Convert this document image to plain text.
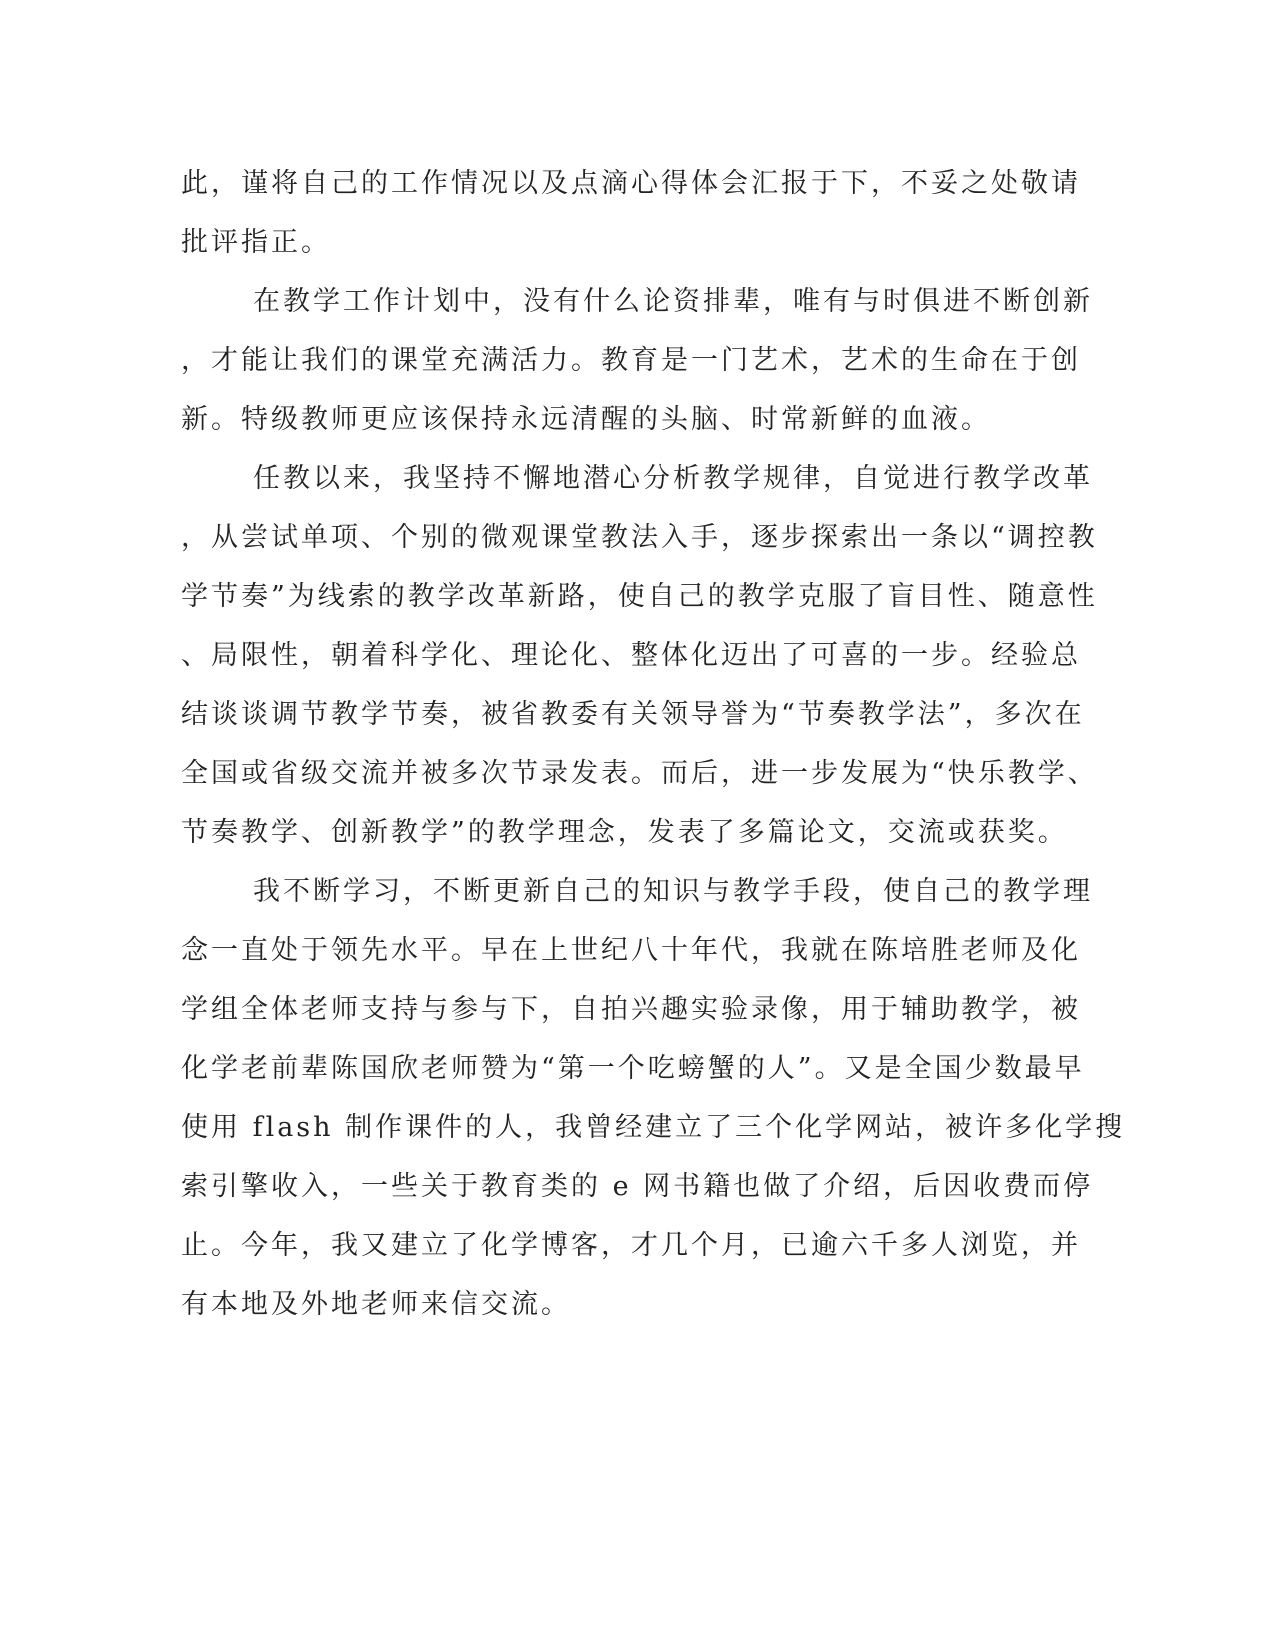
此，谨将自己的工作情况以及点滴心得体会汇报于下，不妥之处敬请
批评指正。
在教学工作计划中，没有什么论资排辈，唯有与时俱进不断创新
，才能让我们的课堂充满活力。教育是一门艺术，艺术的生命在于创
新。特级教师更应该保持永远清醒的头脑、时常新鲜的血液。
任教以来，我坚持不懈地潜心分析教学规律，自觉进行教学改革
，从尝试单项、个别的微观课堂教法入手，逐步探索出一条以“调控教
学节奏”为线索的教学改革新路，使自己的教学克服了盲目性、随意性
、局限性，朝着科学化、理论化、整体化迈出了可喜的一步。经验总
结谈谈调节教学节奏，被省教委有关领导誉为“节奏教学法”，多次在
全国或省级交流并被多次节录发表。而后，进一步发展为“快乐教学、
节奏教学、创新教学”的教学理念，发表了多篇论文，交流或获奖。
我不断学习，不断更新自己的知识与教学手段，使自己的教学理
念一直处于领先水平。早在上世纪八十年代，我就在陈培胜老师及化
学组全体老师支持与参与下，自拍兴趣实验录像，用于辅助教学，被
化学老前辈陈国欣老师赞为“第一个吃螃蟹的人”。又是全国少数最早
使用 flash 制作课件的人，我曾经建立了三个化学网站，被许多化学搜
索引擎收入，一些关于教育类的 e 网书籍也做了介绍，后因收费而停
止。今年，我又建立了化学博客，才几个月，已逾六千多人浏览，并
有本地及外地老师来信交流。
